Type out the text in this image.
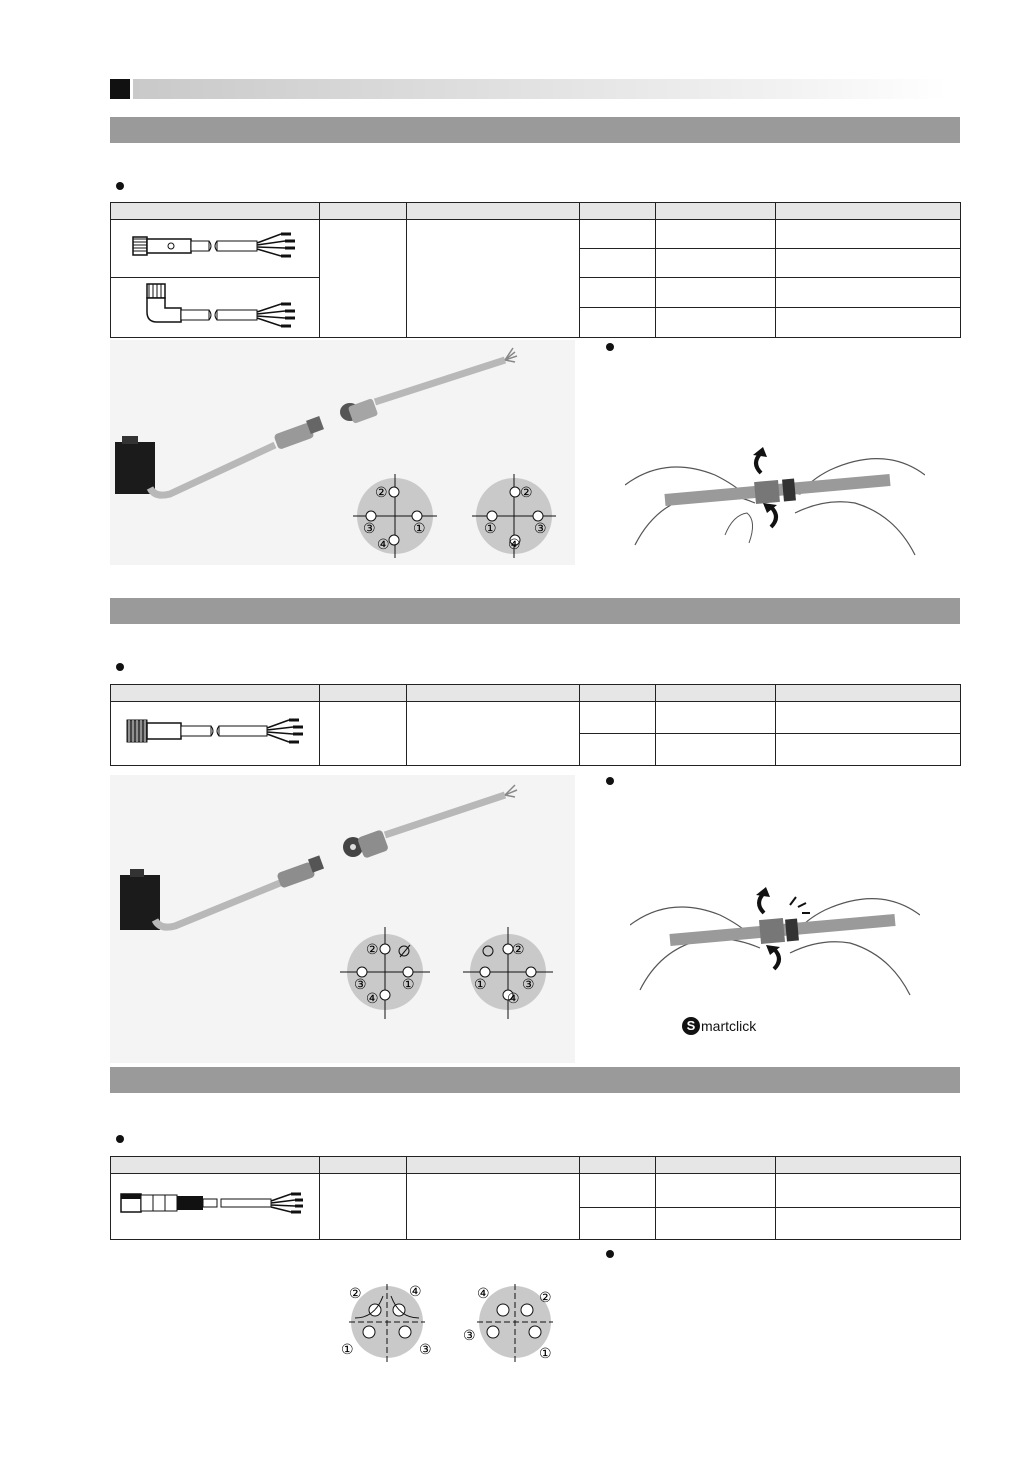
②
③
④
①
②
①
④
③

②
③
④
①
②
①
④
③
S martclick

②	④
①	③
④	②
③
①
